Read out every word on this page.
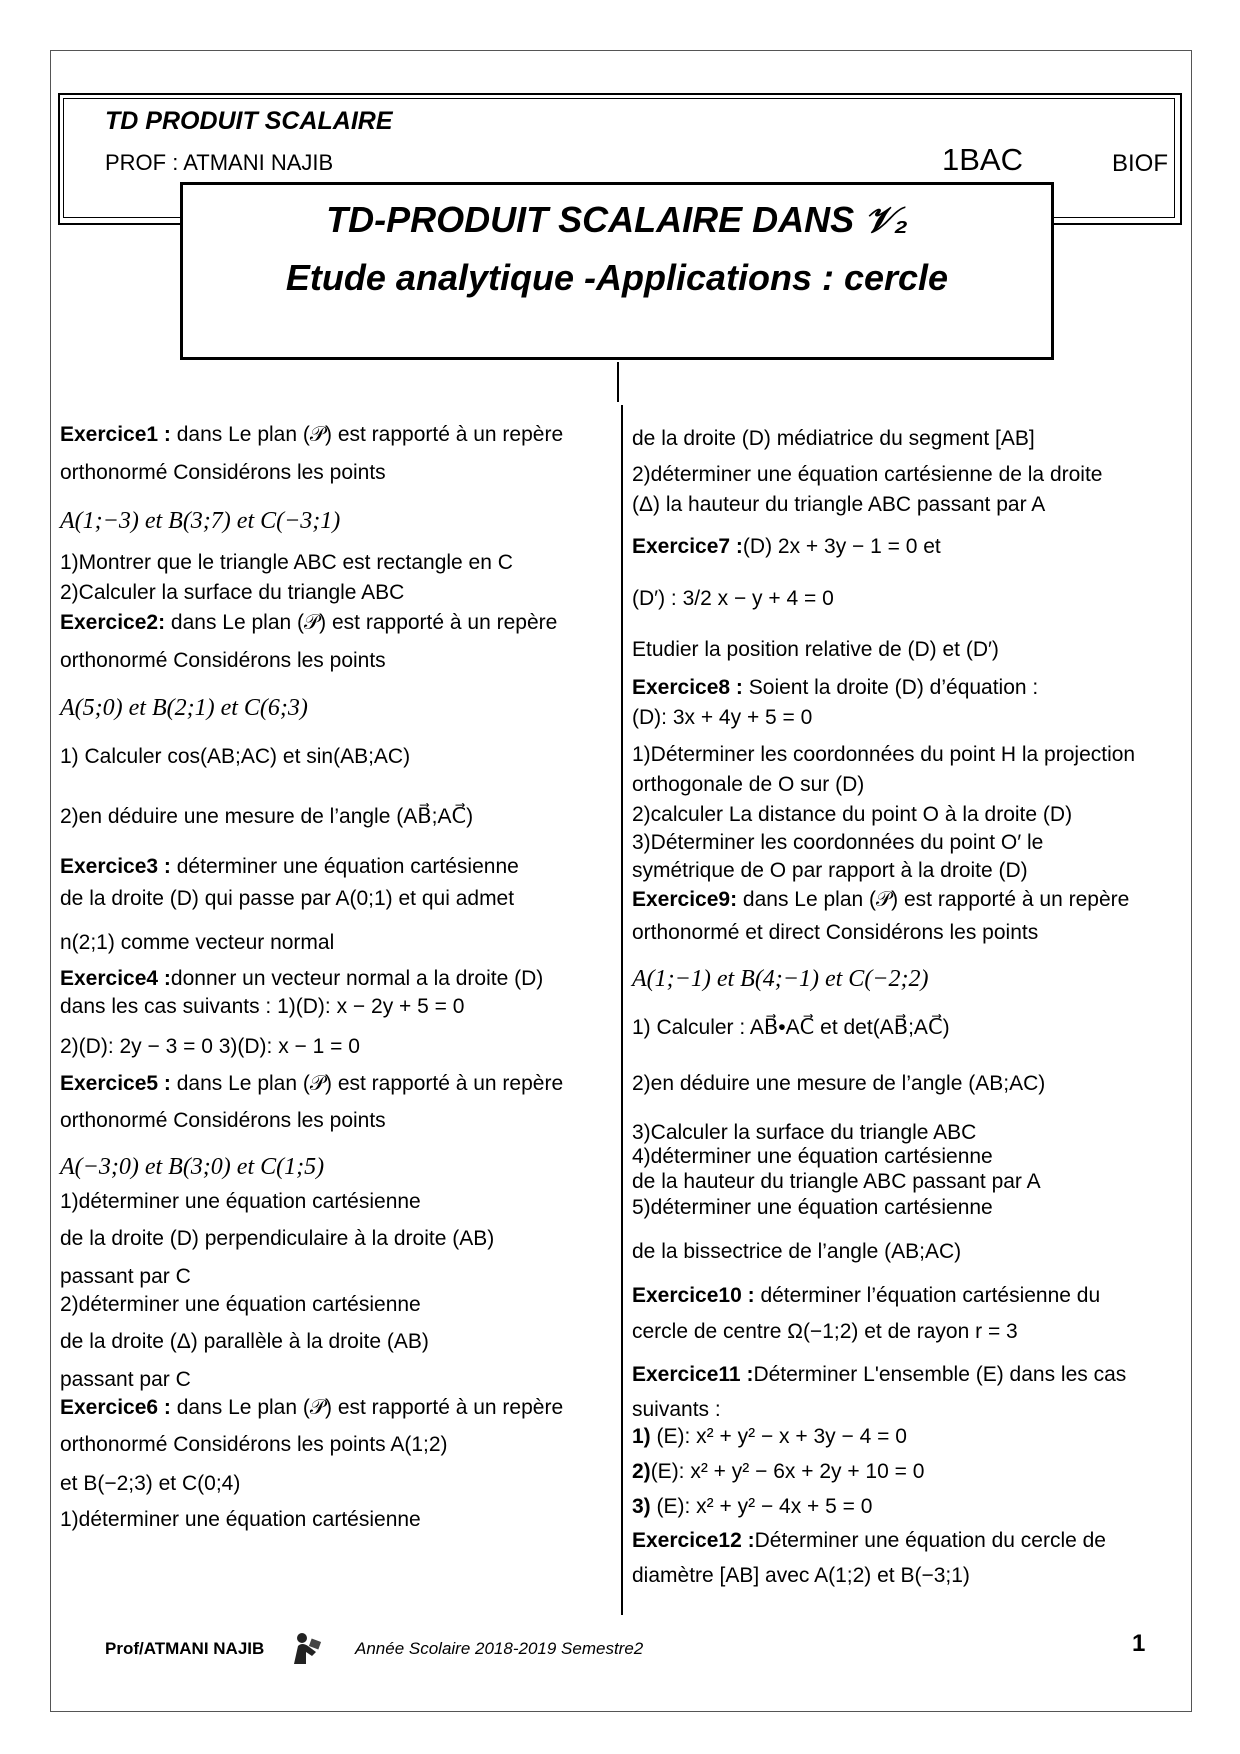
TD PRODUIT SCALAIRE
PROF : ATMANI NAJIB	1BAC	BIOF
TD-PRODUIT SCALAIRE DANS 𝒱₂
Etude analytique -Applications : cercle
Exercice1 : dans Le plan (𝒫) est rapporté à un repère
orthonormé Considérons les points
A(1;−3) et B(3;7) et C(−3;1)
1)Montrer que le triangle ABC est rectangle en C
2)Calculer la surface du triangle ABC
Exercice2: dans Le plan (𝒫) est rapporté à un repère
orthonormé Considérons les points
A(5;0) et B(2;1) et C(6;3)
1) Calculer cos(AB;AC) et sin(AB;AC)
2)en déduire une mesure de l’angle (AB⃗;AC⃗)
Exercice3 : déterminer une équation cartésienne
de la droite (D) qui passe par A(0;1) et qui admet
n(2;1) comme vecteur normal
Exercice4 :donner un vecteur normal a la droite (D)
dans les cas suivants : 1)(D): x − 2y + 5 = 0
2)(D): 2y − 3 = 0 3)(D): x − 1 = 0
Exercice5 : dans Le plan (𝒫) est rapporté à un repère
orthonormé Considérons les points
A(−3;0) et B(3;0) et C(1;5)
1)déterminer une équation cartésienne
de la droite (D) perpendiculaire à la droite (AB)
passant par C
2)déterminer une équation cartésienne
de la droite (Δ) parallèle à la droite (AB)
passant par C
Exercice6 : dans Le plan (𝒫) est rapporté à un repère
orthonormé Considérons les points A(1;2)
et B(−2;3) et C(0;4)
1)déterminer une équation cartésienne
de la droite (D) médiatrice du segment [AB]
2)déterminer une équation cartésienne de la droite
(Δ) la hauteur du triangle ABC passant par A
Exercice7 :(D) 2x + 3y − 1 = 0 et
(D′) : 3/2 x − y + 4 = 0
Etudier la position relative de (D) et (D′)
Exercice8 : Soient la droite (D) d’équation :
(D): 3x + 4y + 5 = 0
1)Déterminer les coordonnées du point H la projection
orthogonale de O sur (D)
2)calculer La distance du point O à la droite (D)
3)Déterminer les coordonnées du point O′ le
symétrique de O par rapport à la droite (D)
Exercice9: dans Le plan (𝒫) est rapporté à un repère
orthonormé et direct Considérons les points
A(1;−1) et B(4;−1) et C(−2;2)
1) Calculer : AB⃗•AC⃗ et det(AB⃗;AC⃗)
2)en déduire une mesure de l’angle (AB;AC)
3)Calculer la surface du triangle ABC
4)déterminer une équation cartésienne
de la hauteur du triangle ABC passant par A
5)déterminer une équation cartésienne
de la bissectrice de l’angle (AB;AC)
Exercice10 : déterminer l’équation cartésienne du
cercle de centre Ω(−1;2) et de rayon r = 3
Exercice11 :Déterminer L'ensemble (E) dans les cas
suivants :
1) (E): x² + y² − x + 3y − 4 = 0
2)(E): x² + y² − 6x + 2y + 10 = 0
3) (E): x² + y² − 4x + 5 = 0
Exercice12 :Déterminer une équation du cercle de
diamètre [AB] avec A(1;2) et B(−3;1)
Prof/ATMANI NAJIB	Année Scolaire 2018-2019 Semestre2	1
